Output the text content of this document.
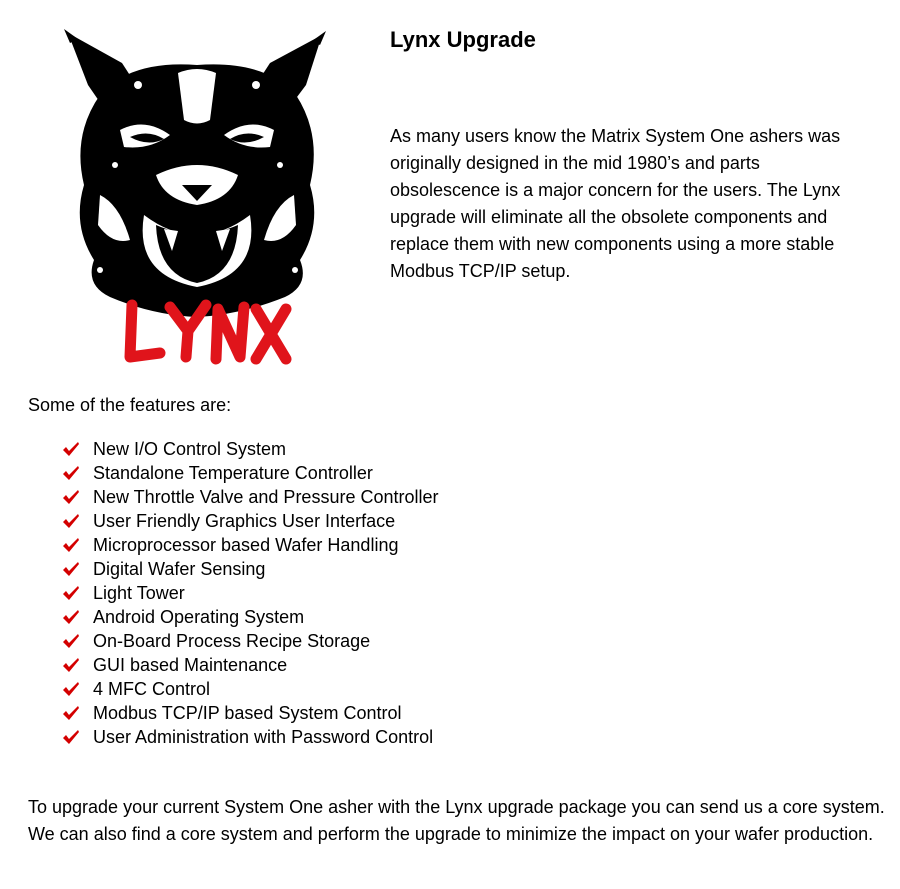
Lynx Upgrade

As many users know the Matrix System One ashers was originally designed in the mid 1980’s and parts obsolescence is a major concern for the users. The Lynx upgrade will eliminate all the obsolete components and replace them with new components using a more stable Modbus TCP/IP setup.

Some of the features are:

New I/O Control System
Standalone Temperature Controller
New Throttle Valve and Pressure Controller
User Friendly Graphics User Interface
Microprocessor based Wafer Handling
Digital Wafer Sensing
Light Tower
Android Operating System
On-Board Process Recipe Storage
GUI based Maintenance
4 MFC Control
Modbus TCP/IP based System Control
User Administration with Password Control

To upgrade your current System One asher with the Lynx upgrade package you can send us a core system. We can also find a core system and perform the upgrade to minimize the impact on your wafer production.
